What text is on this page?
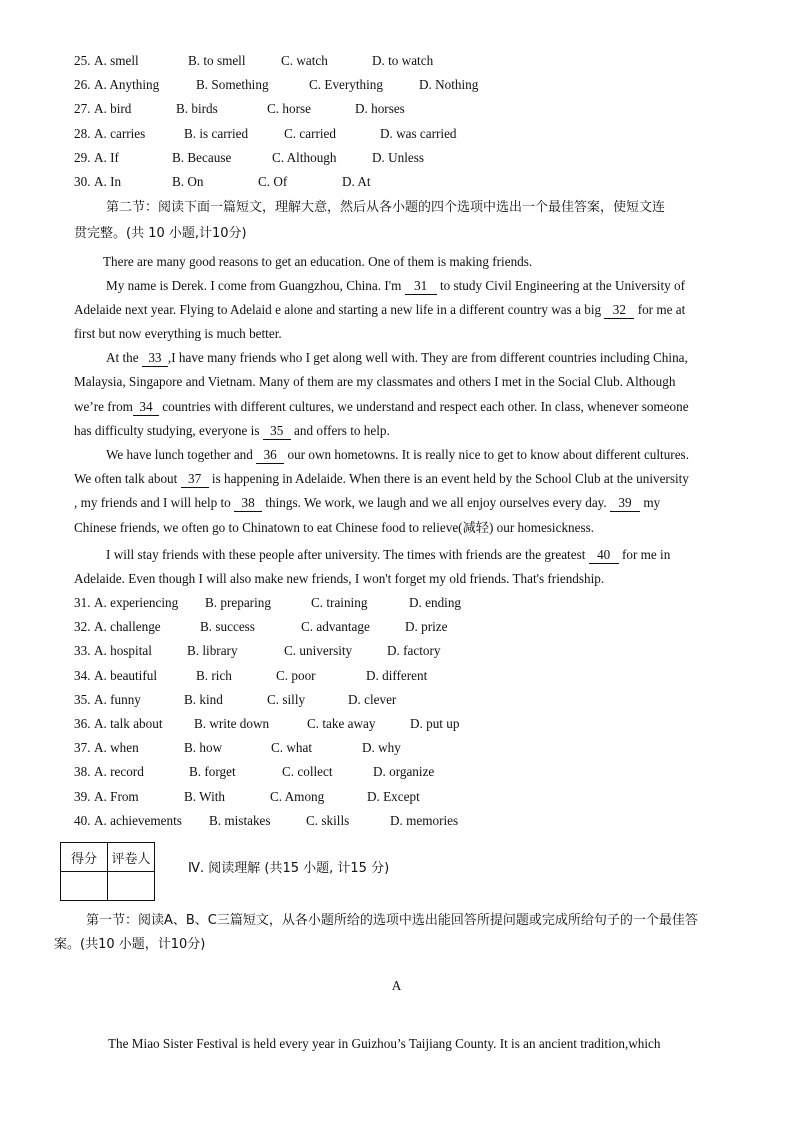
25. A. smell	B. to smell	C. watch	D. to watch
26. A. Anything	B. Something	C. Everything	D. Nothing
27. A. bird	B. birds	C. horse	D. horses
28. A. carries	B. is carried	C. carried	D. was carried
29. A. If	B. Because	C. Although	D. Unless
30. A. In	B. On	C. Of	D. At
第二节：阅读下面一篇短文，理解大意，然后从各小题的四个选项中选出一个最佳答案，使短文连
贯完整。(共 10 小题,计10分)
There are many good reasons to get an education. One of them is making friends.
My name is Derek. I come from Guangzhou, China. I'm 31 to study Civil Engineering at the University of
Adelaide next year. Flying to Adelaid e alone and starting a new life in a different country was a big 32 for me at
first but now everything is much better.
At the 33 ,I have many friends who I get along well with. They are from different countries including China,
Malaysia, Singapore and Vietnam. Many of them are my classmates and others I met in the Social Club. Although
we’re from 34 countries with different cultures, we understand and respect each other. In class, whenever someone
has difficulty studying, everyone is 35 and offers to help.
We have lunch together and 36 our own hometowns. It is really nice to get to know about different cultures.
We often talk about 37 is happening in Adelaide. When there is an event held by the School Club at the university
, my friends and I will help to 38 things. We work, we laugh and we all enjoy ourselves every day. 39 my
Chinese friends, we often go to Chinatown to eat Chinese food to relieve(减轻) our homesickness.
I will stay friends with these people after university. The times with friends are the greatest 40 for me in
Adelaide. Even though I will also make new friends, I won't forget my old friends. That's friendship.
31. A. experiencing B. preparing	C. training	D. ending
32. A. challenge	B. success	C. advantage	D. prize
33. A. hospital	B. library	C. university	D. factory
34. A. beautiful	B. rich	C. poor	D. different
35. A. funny	B. kind	C. silly	D. clever
36. A. talk about B. write down	C. take away	D. put up
37. A. when	B. how	C. what	D. why
38. A. record	B. forget	C. collect	D. organize
39. A. From	B. With	C. Among	D. Except
40. A. achievements B. mistakes	C. skills	D. memories
得分	评卷人

Ⅳ. 阅读理解 (共15 小题, 计15 分)
第一节：阅读A、B、C三篇短文，从各小题所给的选项中选出能回答所提问题或完成所给句子的一个最佳答
案。(共10 小题，计10分)
A
The Miao Sister Festival is held every year in Guizhou’s Taijiang County. It is an ancient tradition,which
